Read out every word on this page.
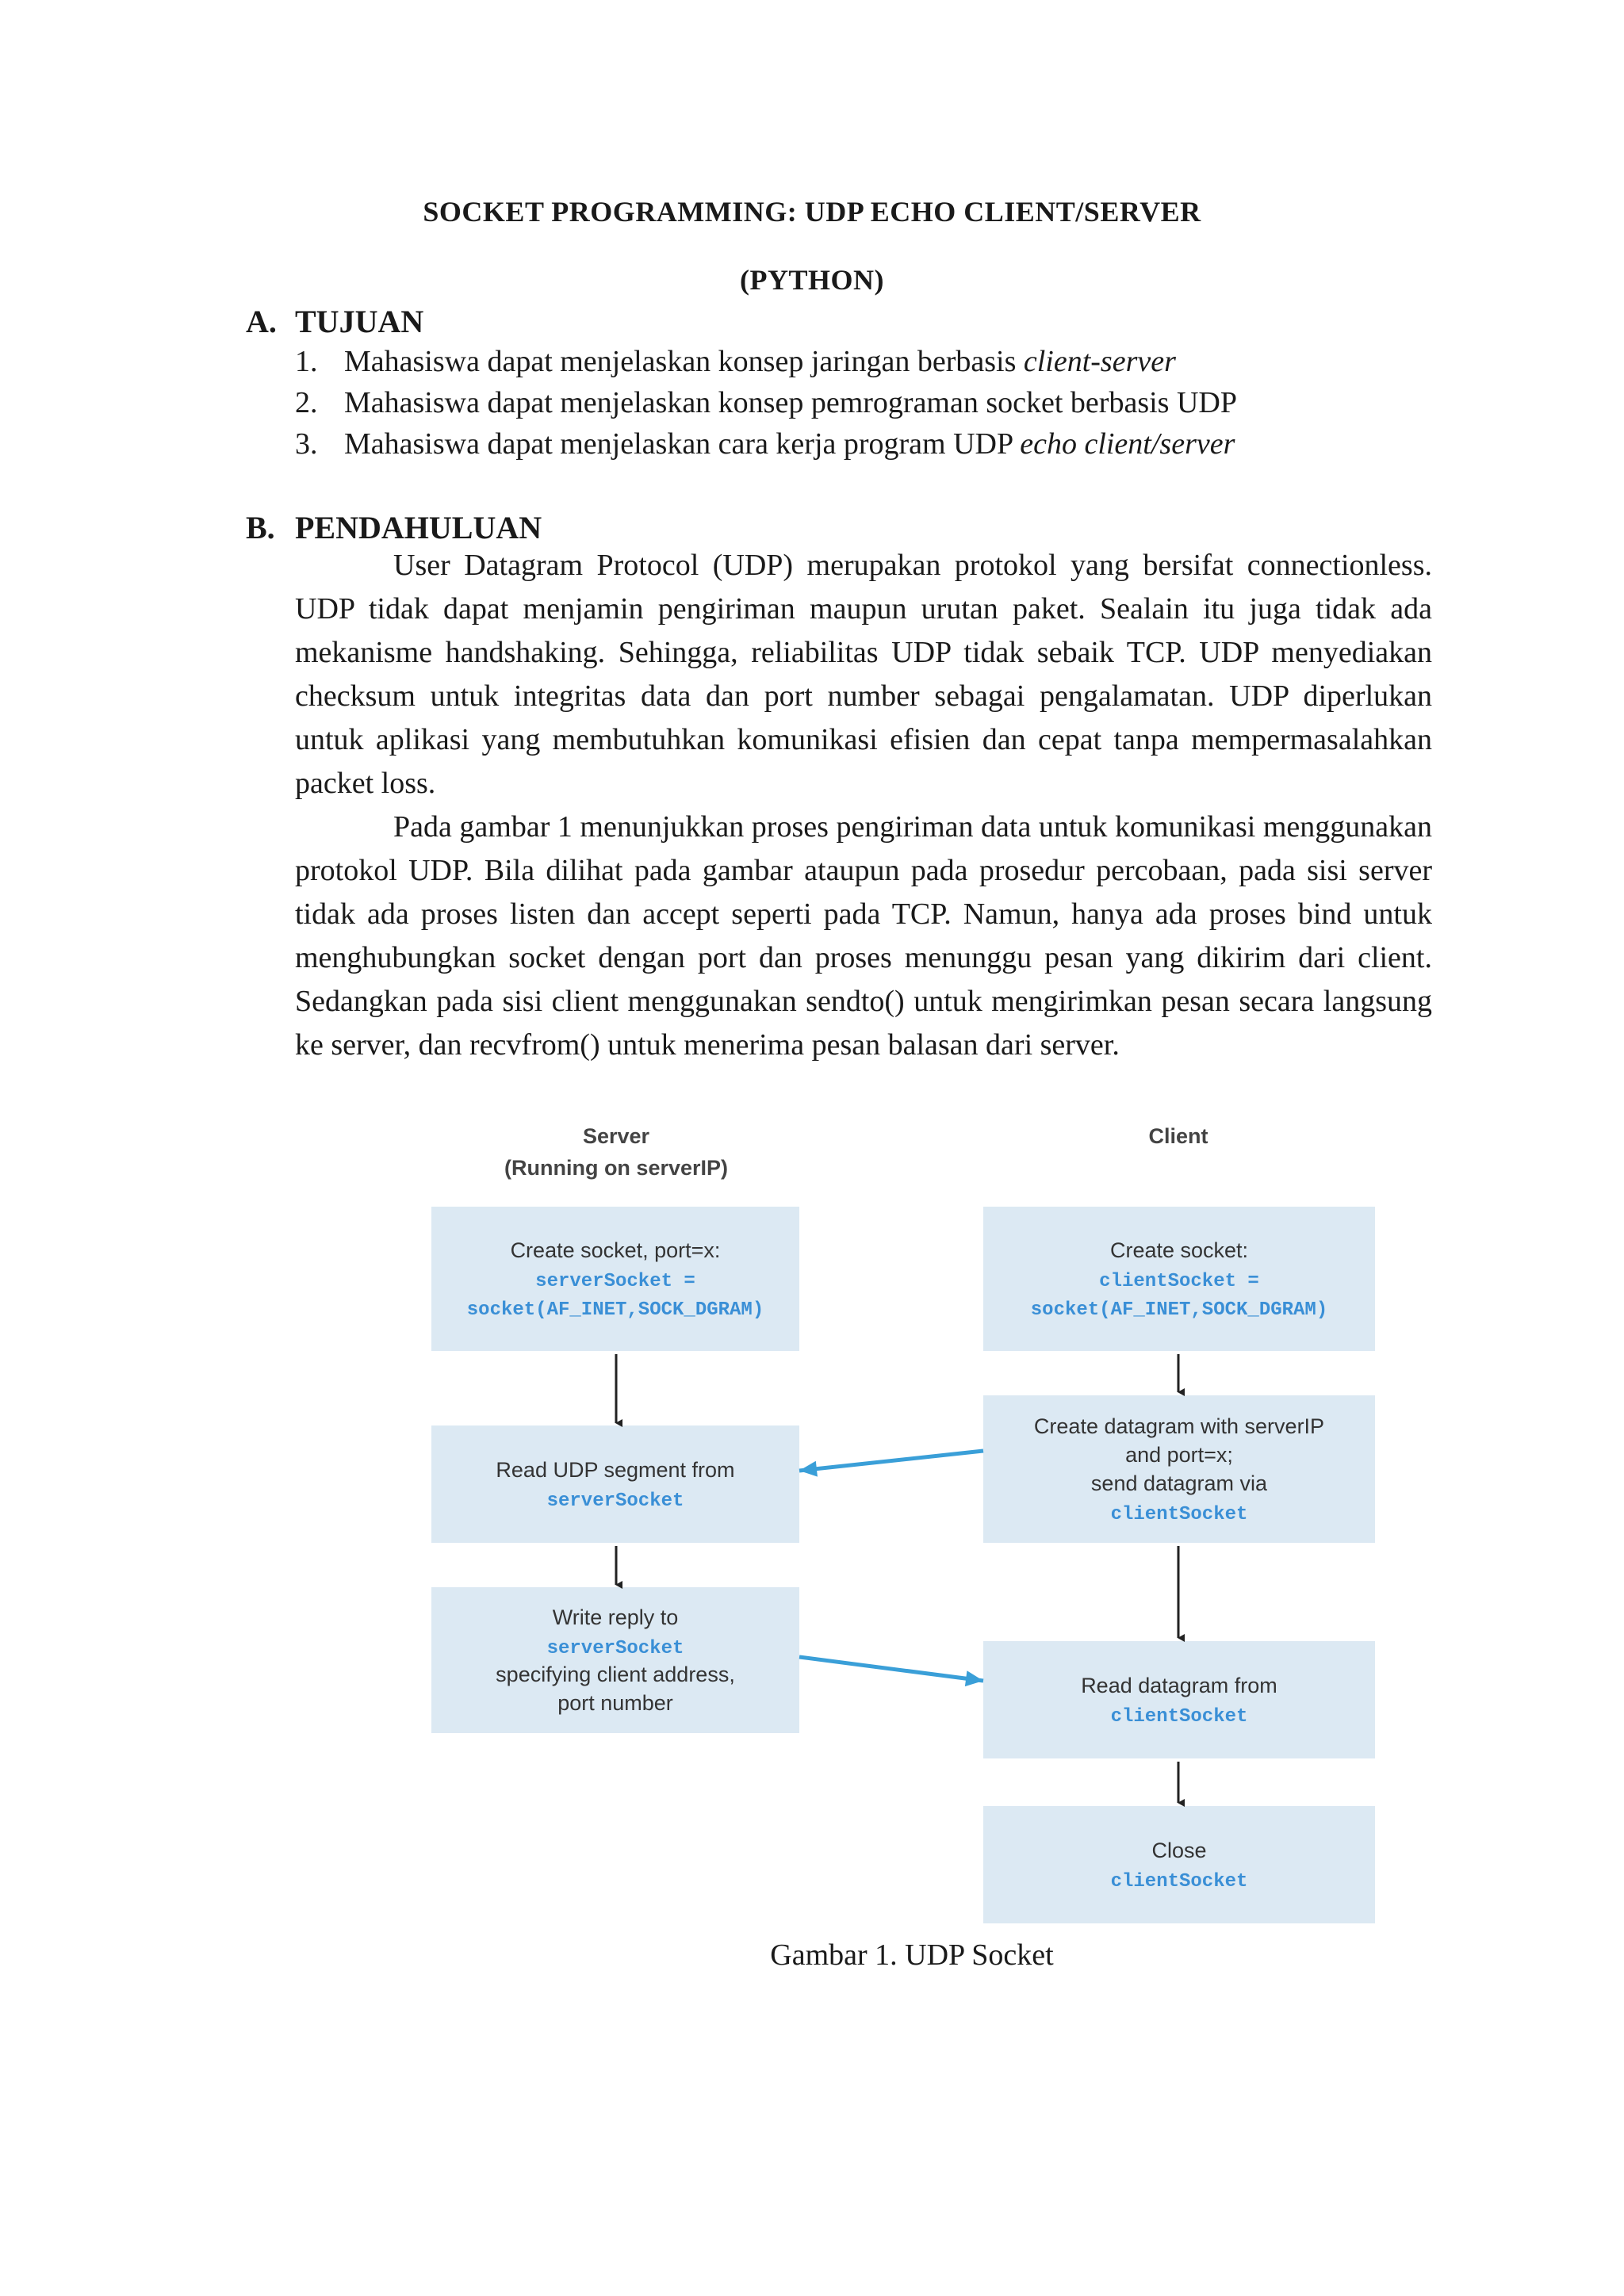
SOCKET PROGRAMMING: UDP ECHO CLIENT/SERVER
(PYTHON)
A. TUJUAN
1. Mahasiswa dapat menjelaskan konsep jaringan berbasis client-server
2. Mahasiswa dapat menjelaskan konsep pemrograman socket berbasis UDP
3. Mahasiswa dapat menjelaskan cara kerja program UDP echo client/server
B. PENDAHULUAN

User Datagram Protocol (UDP) merupakan protokol yang bersifat connectionless. UDP tidak dapat menjamin pengiriman maupun urutan paket. Sealain itu juga tidak ada mekanisme handshaking. Sehingga, reliabilitas UDP tidak sebaik TCP. UDP menyediakan checksum untuk integritas data dan port number sebagai pengalamatan. UDP diperlukan untuk aplikasi yang membutuhkan komunikasi efisien dan cepat tanpa mempermasalahkan packet loss.

Pada gambar 1 menunjukkan proses pengiriman data untuk komunikasi menggunakan protokol UDP. Bila dilihat pada gambar ataupun pada prosedur percobaan, pada sisi server tidak ada proses listen dan accept seperti pada TCP. Namun, hanya ada proses bind untuk menghubungkan socket dengan port dan proses menunggu pesan yang dikirim dari client. Sedangkan pada sisi client menggunakan sendto() untuk mengirimkan pesan secara langsung ke server, dan recvfrom() untuk menerima pesan balasan dari server.

Server
(Running on serverIP)
Client
Create socket, port=x:
serverSocket =
socket(AF_INET,SOCK_DGRAM)
Read UDP segment from
serverSocket
Write reply to
serverSocket
specifying client address,
port number
Create socket:
clientSocket =
socket(AF_INET,SOCK_DGRAM)
Create datagram with serverIP
and port=x;
send datagram via
clientSocket
Read datagram from
clientSocket
Close
clientSocket
Gambar 1. UDP Socket
